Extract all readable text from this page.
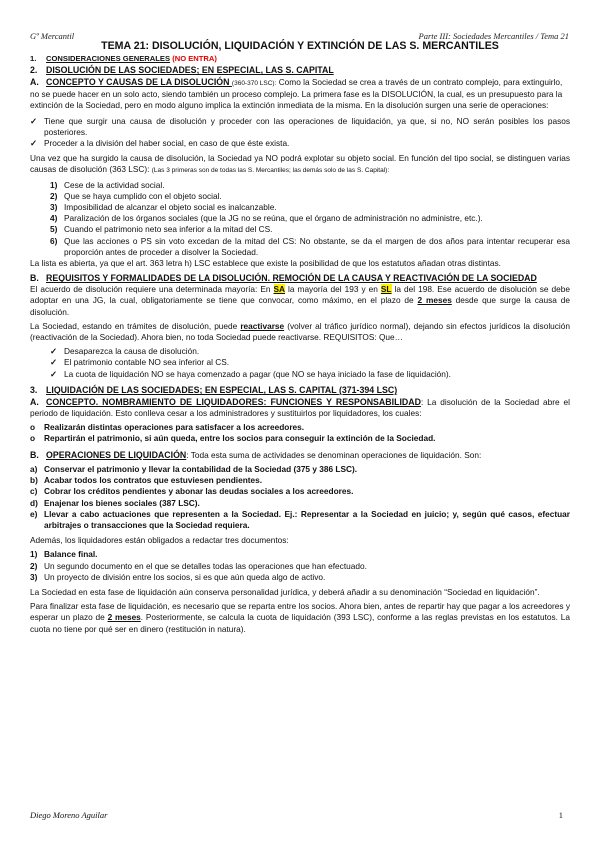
Gº Mercantil	Parte III: Sociedades Mercantiles / Tema 21
TEMA 21: DISOLUCIÓN, LIQUIDACIÓN Y EXTINCIÓN DE LAS S. MERCANTILES
1. CONSIDERACIONES GENERALES (NO ENTRA)
2. DISOLUCIÓN DE LAS SOCIEDADES; EN ESPECIAL, LAS S. CAPITAL
A. CONCEPTO Y CAUSAS DE LA DISOLUCIÓN (360-370 LSC): Como la Sociedad se crea a través de un contrato complejo, para extinguirlo, no se puede hacer en un solo acto, siendo también un proceso complejo. La primera fase es la DISOLUCIÓN, la cual, es un presupuesto para la extinción de la Sociedad, pero en modo alguno implica la extinción inmediata de la misma. En la disolución surgen una serie de operaciones:

✓ Tiene que surgir una causa de disolución y proceder con las operaciones de liquidación, ya que, si no, NO serán posibles los pasos posteriores.
✓ Proceder a la división del haber social, en caso de que éste exista.

Una vez que ha surgido la causa de disolución, la Sociedad ya NO podrá explotar su objeto social. En función del tipo social, se distinguen varias causas de disolución (363 LSC): (Las 3 primeras son de todas las S. Mercantiles; las demás solo de las S. Capital):

1) Cese de la actividad social.
2) Que se haya cumplido con el objeto social.
3) Imposibilidad de alcanzar el objeto social es inalcanzable.
4) Paralización de los órganos sociales (que la JG no se reúna, que el órgano de administración no administre, etc.).
5) Cuando el patrimonio neto sea inferior a la mitad del CS.
6) Que las acciones o PS sin voto excedan de la mitad del CS: No obstante, se da el margen de dos años para intentar recuperar esa proporción antes de proceder a disolver la Sociedad.

La lista es abierta, ya que el art. 363 letra h) LSC establece que existe la posibilidad de que los estatutos añadan otras distintas.

B. REQUISITOS Y FORMALIDADES DE LA DISOLUCIÓN. REMOCIÓN DE LA CAUSA Y REACTIVACIÓN DE LA SOCIEDAD

El acuerdo de disolución requiere una determinada mayoría: En SA la mayoría del 193 y en SL la del 198. Ese acuerdo de disolución se debe adoptar en una JG, la cual, obligatoriamente se tiene que convocar, como máximo, en el plazo de 2 meses desde que surge la causa de disolución.

La Sociedad, estando en trámites de disolución, puede reactivarse (volver al tráfico jurídico normal), dejando sin efectos jurídicos la disolución (reactivación de la Sociedad). Ahora bien, no toda Sociedad puede reactivarse. REQUISITOS: Que…

✓ Desaparezca la causa de disolución.
✓ El patrimonio contable NO sea inferior al CS.
✓ La cuota de liquidación NO se haya comenzado a pagar (que NO se haya iniciado la fase de liquidación).
3. LIQUIDACIÓN DE LAS SOCIEDADES; EN ESPECIAL, LAS S. CAPITAL (371-394 LSC)

A. CONCEPTO. NOMBRAMIENTO DE LIQUIDADORES: FUNCIONES Y RESPONSABILIDAD: La disolución de la Sociedad abre el periodo de liquidación. Esto conlleva cesar a los administradores y sustituirlos por liquidadores, los cuales:

o	Realizarán distintas operaciones para satisfacer a los acreedores.
o	Repartirán el patrimonio, si aún queda, entre los socios para conseguir la extinción de la Sociedad.

B. OPERACIONES DE LIQUIDACIÓN: Toda esta suma de actividades se denominan operaciones de liquidación. Son:

a) Conservar el patrimonio y llevar la contabilidad de la Sociedad (375 y 386 LSC).
b) Acabar todos los contratos que estuviesen pendientes.
c) Cobrar los créditos pendientes y abonar las deudas sociales a los acreedores.
d) Enajenar los bienes sociales (387 LSC).
e) Llevar a cabo actuaciones que representen a la Sociedad. Ej.: Representar a la Sociedad en juicio; y, según qué casos, efectuar arbitrajes o transacciones que la Sociedad requiera.

Además, los liquidadores están obligados a redactar tres documentos:

1) Balance final.
2) Un segundo documento en el que se detalles todas las operaciones que han efectuado.
3) Un proyecto de división entre los socios, si es que aún queda algo de activo.

La Sociedad en esta fase de liquidación aún conserva personalidad jurídica, y deberá añadir a su denominación “Sociedad en liquidación”.

Para finalizar esta fase de liquidación, es necesario que se reparta entre los socios. Ahora bien, antes de repartir hay que pagar a los acreedores y esperar un plazo de 2 meses. Posteriormente, se calcula la cuota de liquidación (393 LSC), conforme a las reglas previstas en los estatutos. La cuota no tiene por qué ser en dinero (restitución in natura).

Diego Moreno Aguilar	1
